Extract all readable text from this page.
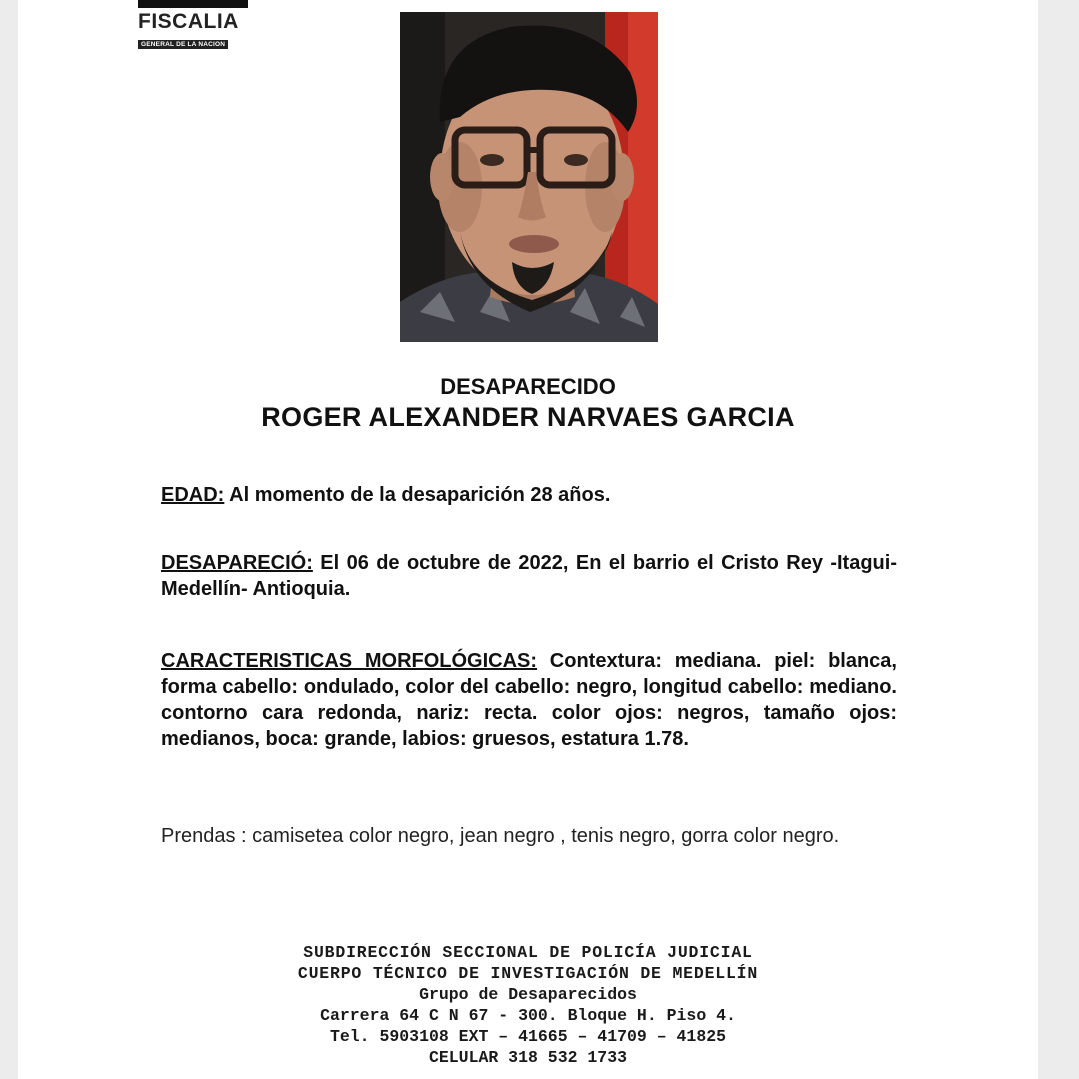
FISCALIA
GENERAL DE LA NACION
DESAPARECIDO
ROGER ALEXANDER NARVAES GARCIA
EDAD: Al momento de la desaparición 28 años.
DESAPARECIÓ: El 06 de octubre de 2022, En el barrio el Cristo Rey -Itagui- Medellín- Antioquia.
CARACTERISTICAS MORFOLÓGICAS: Contextura: mediana. piel: blanca, forma cabello: ondulado, color del cabello: negro, longitud cabello: mediano. contorno cara redonda, nariz: recta. color ojos: negros, tamaño ojos: medianos, boca: grande, labios: gruesos, estatura 1.78.
Prendas : camisetea color negro, jean negro , tenis negro, gorra color negro.
SUBDIRECCIÓN SECCIONAL DE POLICÍA JUDICIAL
CUERPO TÉCNICO DE INVESTIGACIÓN DE MEDELLÍN
Grupo de Desaparecidos
Carrera 64 C N 67 - 300. Bloque H. Piso 4.
Tel. 5903108 EXT – 41665 – 41709 – 41825
CELULAR 318 532 1733
